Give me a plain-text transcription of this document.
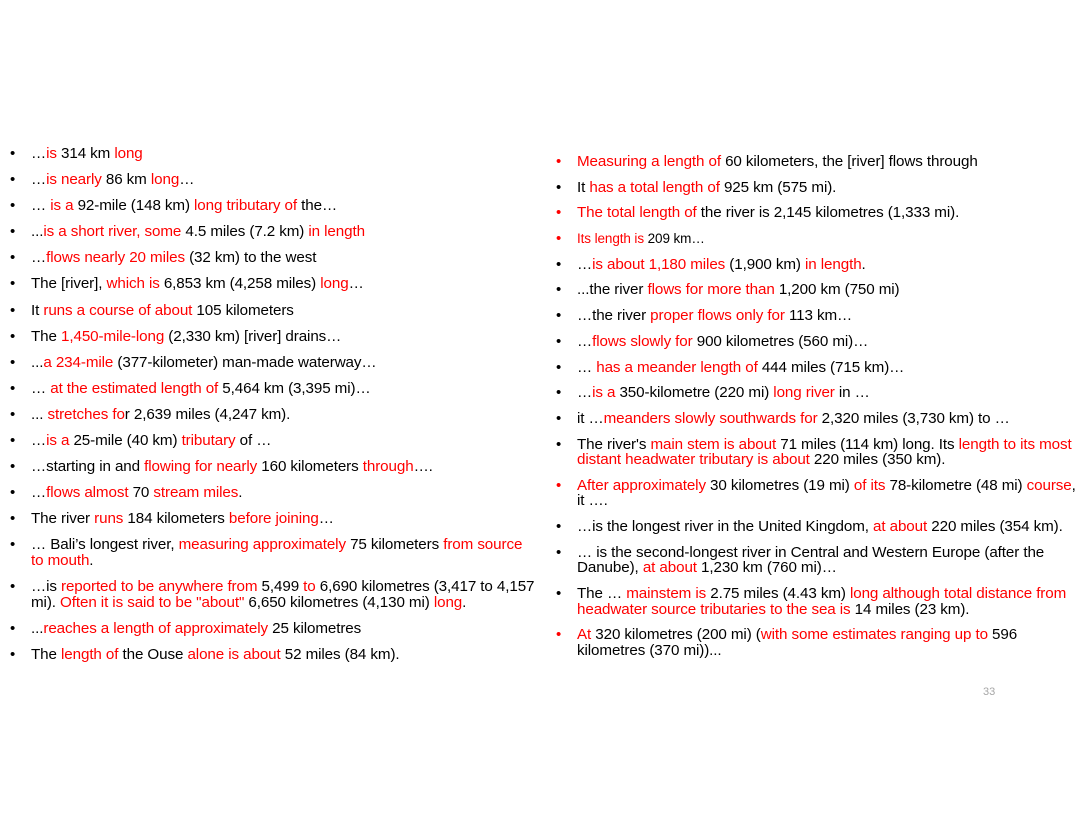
• …is 314 km long
• …is nearly 86 km long…
• … is a 92-mile (148 km) long tributary of the…
• ...is a short river, some 4.5 miles (7.2 km) in length
• …flows nearly 20 miles (32 km) to the west
• The [river], which is 6,853 km (4,258 miles) long…
• It runs a course of about 105 kilometers
• The 1,450-mile-long (2,330 km) [river] drains…
• ...a 234-mile (377-kilometer) man-made waterway…
• … at the estimated length of 5,464 km (3,395 mi)…
• ... stretches for 2,639 miles (4,247 km).
• …is a 25-mile (40 km) tributary of …
• …starting in and flowing for nearly 160 kilometers through….
• …flows almost 70 stream miles.
• The river runs 184 kilometers before joining…
• … Bali’s longest river, measuring approximately 75 kilometers from source to mouth.
• …is reported to be anywhere from 5,499 to 6,690 kilometres (3,417 to 4,157 mi). Often it is said to be "about" 6,650 kilometres (4,130 mi) long.
• ...reaches a length of approximately 25 kilometres
• The length of the Ouse alone is about 52 miles (84 km).
• Measuring a length of 60 kilometers, the [river] flows through
• It has a total length of 925 km (575 mi).
• The total length of the river is 2,145 kilometres (1,333 mi).
• Its length is 209 km…
• …is about 1,180 miles (1,900 km) in length.
• ...the river flows for more than 1,200 km (750 mi)
• …the river proper flows only for 113 km…
• …flows slowly for 900 kilometres (560 mi)…
• … has a meander length of 444 miles (715 km)…
• …is a 350-kilometre (220 mi) long river in …
• it …meanders slowly southwards for 2,320 miles (3,730 km) to …
• The river's main stem is about 71 miles (114 km) long. Its length to its most distant headwater tributary is about 220 miles (350 km).
• After approximately 30 kilometres (19 mi) of its 78-kilometre (48 mi) course, it ….
• …is the longest river in the United Kingdom, at about 220 miles (354 km).
• … is the second-longest river in Central and Western Europe (after the Danube), at about 1,230 km (760 mi)…
• The … mainstem is 2.75 miles (4.43 km) long although total distance from headwater source tributaries to the sea is 14 miles (23 km).
• At 320 kilometres (200 mi) (with some estimates ranging up to 596 kilometres (370 mi))...
33
